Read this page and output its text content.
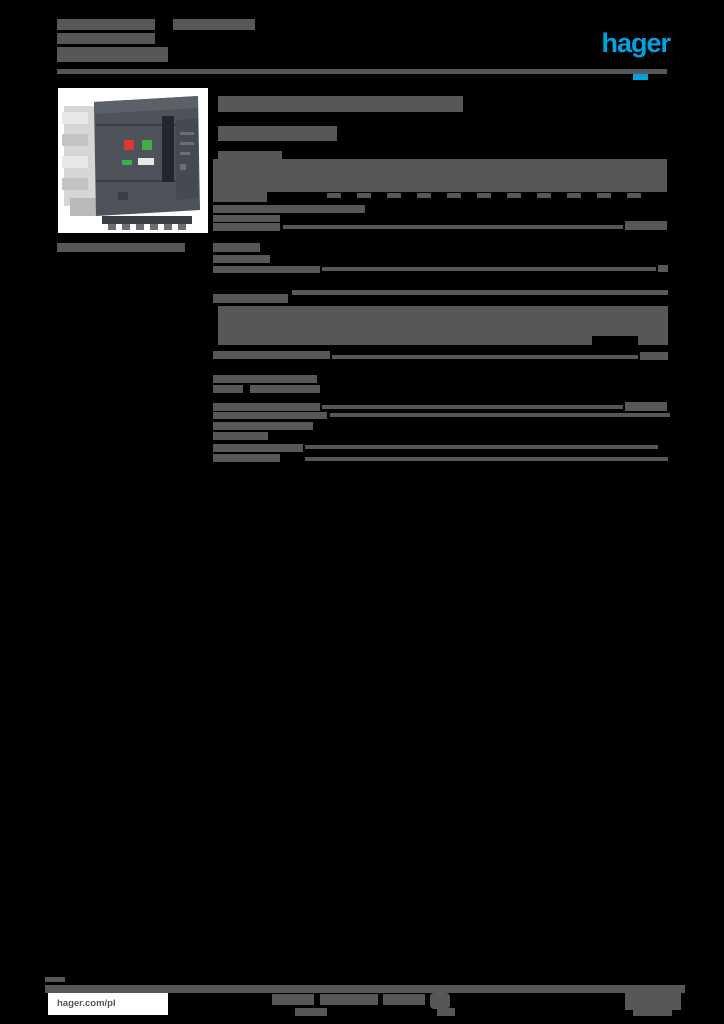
hager
hager.com/pl
